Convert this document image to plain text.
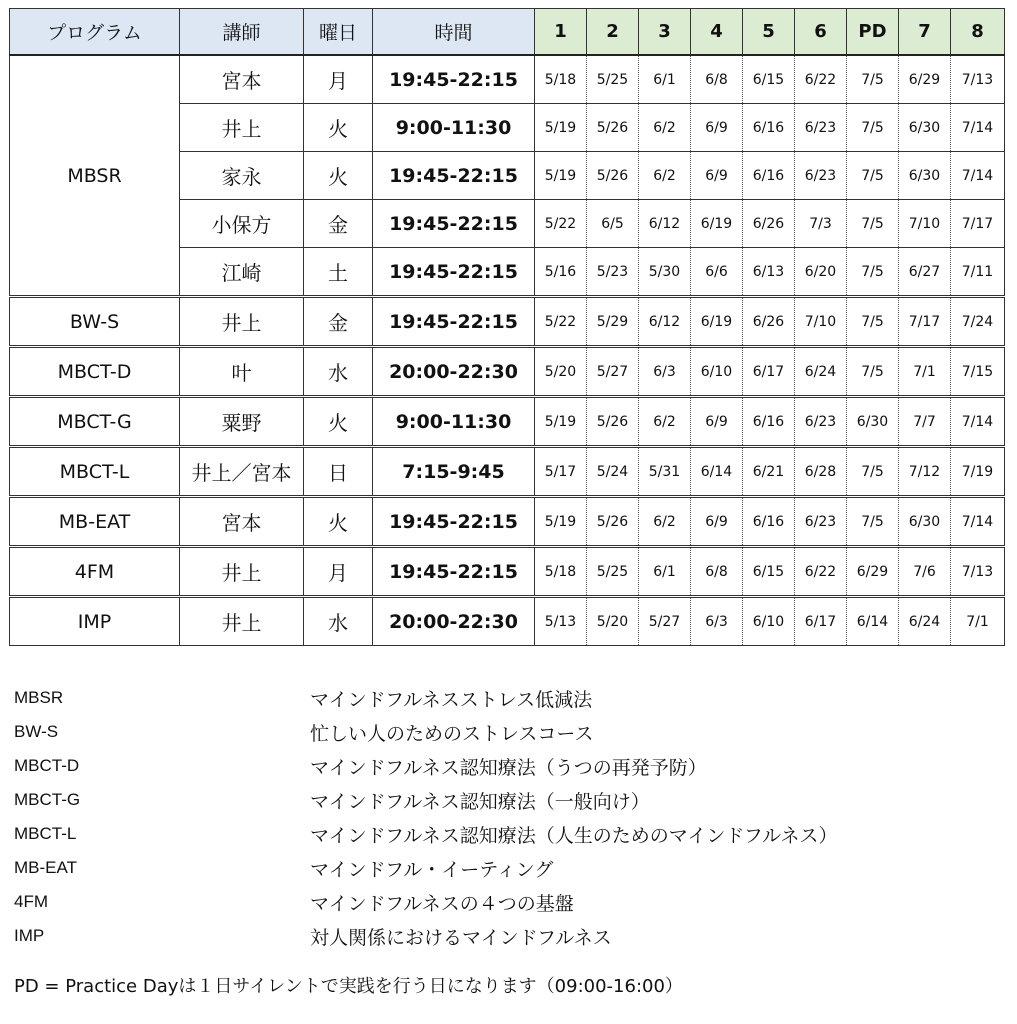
プログラム	講師	曜日	時間	1	2	3	4	5	6	PD	7	8
MBSR	宮本	月	19:45-22:15	5/18	5/25	6/1	6/8	6/15	6/22	7/5	6/29	7/13
	井上	火	9:00-11:30	5/19	5/26	6/2	6/9	6/16	6/23	7/5	6/30	7/14
	家永	火	19:45-22:15	5/19	5/26	6/2	6/9	6/16	6/23	7/5	6/30	7/14
	小保方	金	19:45-22:15	5/22	6/5	6/12	6/19	6/26	7/3	7/5	7/10	7/17
	江崎	土	19:45-22:15	5/16	5/23	5/30	6/6	6/13	6/20	7/5	6/27	7/11
BW-S	井上	金	19:45-22:15	5/22	5/29	6/12	6/19	6/26	7/10	7/5	7/17	7/24
MBCT-D	叶	水	20:00-22:30	5/20	5/27	6/3	6/10	6/17	6/24	7/5	7/1	7/15
MBCT-G	粟野	火	9:00-11:30	5/19	5/26	6/2	6/9	6/16	6/23	6/30	7/7	7/14
MBCT-L	井上／宮本	日	7:15-9:45	5/17	5/24	5/31	6/14	6/21	6/28	7/5	7/12	7/19
MB-EAT	宮本	火	19:45-22:15	5/19	5/26	6/2	6/9	6/16	6/23	7/5	6/30	7/14
4FM	井上	月	19:45-22:15	5/18	5/25	6/1	6/8	6/15	6/22	6/29	7/6	7/13
IMP	井上	水	20:00-22:30	5/13	5/20	5/27	6/3	6/10	6/17	6/14	6/24	7/1
MBSR	マインドフルネスストレス低減法
BW-S	忙しい人のためのストレスコース
MBCT-D	マインドフルネス認知療法（うつの再発予防）
MBCT-G	マインドフルネス認知療法（一般向け）
MBCT-L	マインドフルネス認知療法（人生のためのマインドフルネス）
MB-EAT	マインドフル・イーティング
4FM	マインドフルネスの４つの基盤
IMP	対人関係におけるマインドフルネス
PD = Practice Dayは１日サイレントで実践を行う日になります（09:00-16:00）
